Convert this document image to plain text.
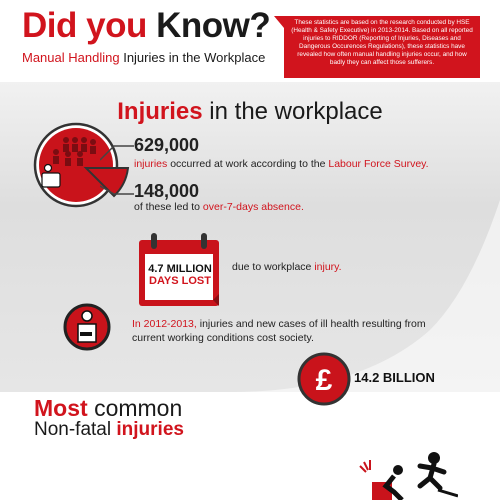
Did you Know?
Manual Handling Injuries in the Workplace
These statistics are based on the research conducted by HSE (Health & Safety Executive) in 2013-2014. Based on all reported injuries to RIDDOR (Reporting of Injuries, Diseases and Dangerous Occurences Regulations), these statistics have revealed how often manual handling injuries occur, and how badly they can affect those sufferers.
Injuries in the workplace
629,000
injuries occurred at work according to the Labour Force Survey.
148,000
of these led to over-7-days absence.
4.7 MILLION
DAYS LOST
due to workplace injury.
In 2012-2013, injuries and new cases of ill health resulting from
current working conditions cost society.
£ 14.2 BILLION
Most common
Non-fatal injuries
